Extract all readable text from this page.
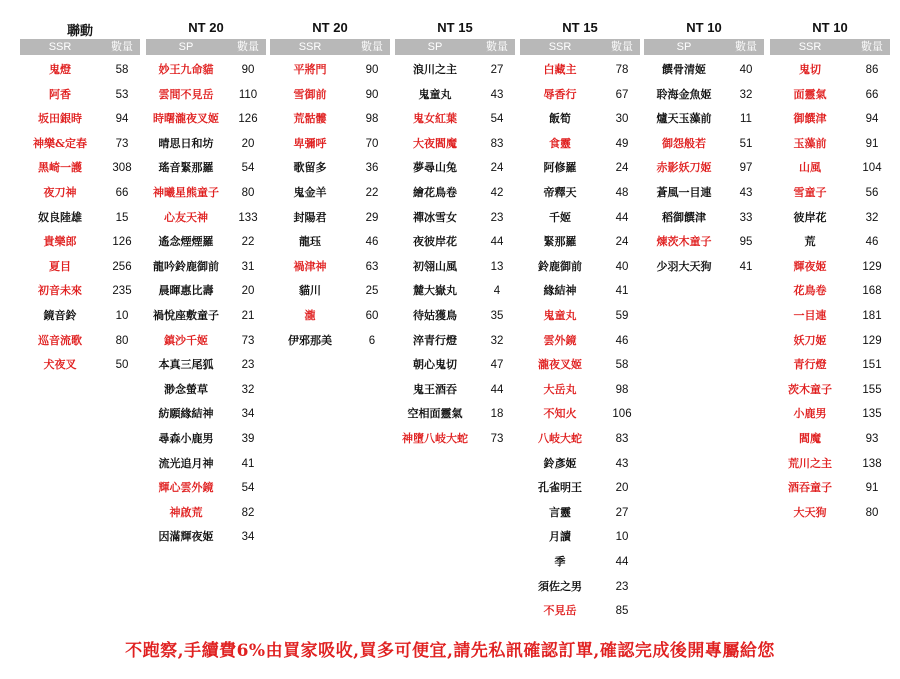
不跑察,手續費6%由買家吸收,買多可便宜,請先私訊確認訂單,確認完成後開專屬給您
聯動
SSR	數量
鬼燈	58
阿香	53
坂田銀時	94
神樂&定春	73
黑崎一護	308
夜刀神	66
奴良陸雄	15
貴樂郎	126
夏目	256
初音未來	235
鏡音鈴	10
巡音流歌	80
犬夜叉	50
NT 20
SP	數量
妙王九命貓	90
雲間不見岳	110
時曙瀧夜叉姬	126
晴思日和坊	20
瑤音緊那羅	54
神曦星熊童子	80
心友天神	133
遙念煙煙羅	22
龍吟鈴鹿御前	31
晨暉惠比壽	20
禍悅座敷童子	21
鎮沙千姬	73
本真三尾狐	23
渺念螢草	32
紡願緣結神	34
尋森小鹿男	39
流光追月神	41
輝心雲外鏡	54
神啟荒	82
因滿輝夜姬	34
NT 20
SSR	數量
平將門	90
雪御前	90
荒骷髏	98
卑彌呼	70
歌留多	36
鬼金羊	22
封陽君	29
龍珏	46
禍津神	63
貓川	25
瀧	60
伊邪那美	6
NT 15
SP	數量
浪川之主	27
鬼童丸	43
鬼女紅葉	54
大夜閻魔	83
夢尋山兔	24
繪花鳥卷	42
禪冰雪女	23
夜彼岸花	44
初翎山風	13
麓大嶽丸	4
待姑獲鳥	35
淬青行燈	32
朝心鬼切	47
鬼王酒吞	44
空相面靈氣	18
神墮八岐大蛇	73
NT 15
SSR	數量
白藏主	78
辱香行	67
飯筍	30
食靈	49
阿修羅	24
帝釋天	48
千姬	44
緊那羅	24
鈴鹿御前	40
緣結神	41
鬼童丸	59
雲外鏡	46
瀧夜叉姬	58
大岳丸	98
不知火	106
八岐大蛇	83
鈴彥姬	43
孔雀明王	20
言靈	27
月讀	10
季	44
須佐之男	23
不見岳	85
NT 10
SP	數量
饌骨清姬	40
聆海金魚姬	32
爐天玉藻前	11
御怨般若	51
赤影妖刀姬	97
蒼風一目連	43
稻御饌津	33
煉茨木童子	95
少羽大天狗	41
NT 10
SSR	數量
鬼切	86
面靈氣	66
御饌津	94
玉藻前	91
山風	104
雪童子	56
彼岸花	32
荒	46
輝夜姬	129
花鳥卷	168
一目連	181
妖刀姬	129
青行燈	151
茨木童子	155
小鹿男	135
閻魔	93
荒川之主	138
酒吞童子	91
大天狗	80
